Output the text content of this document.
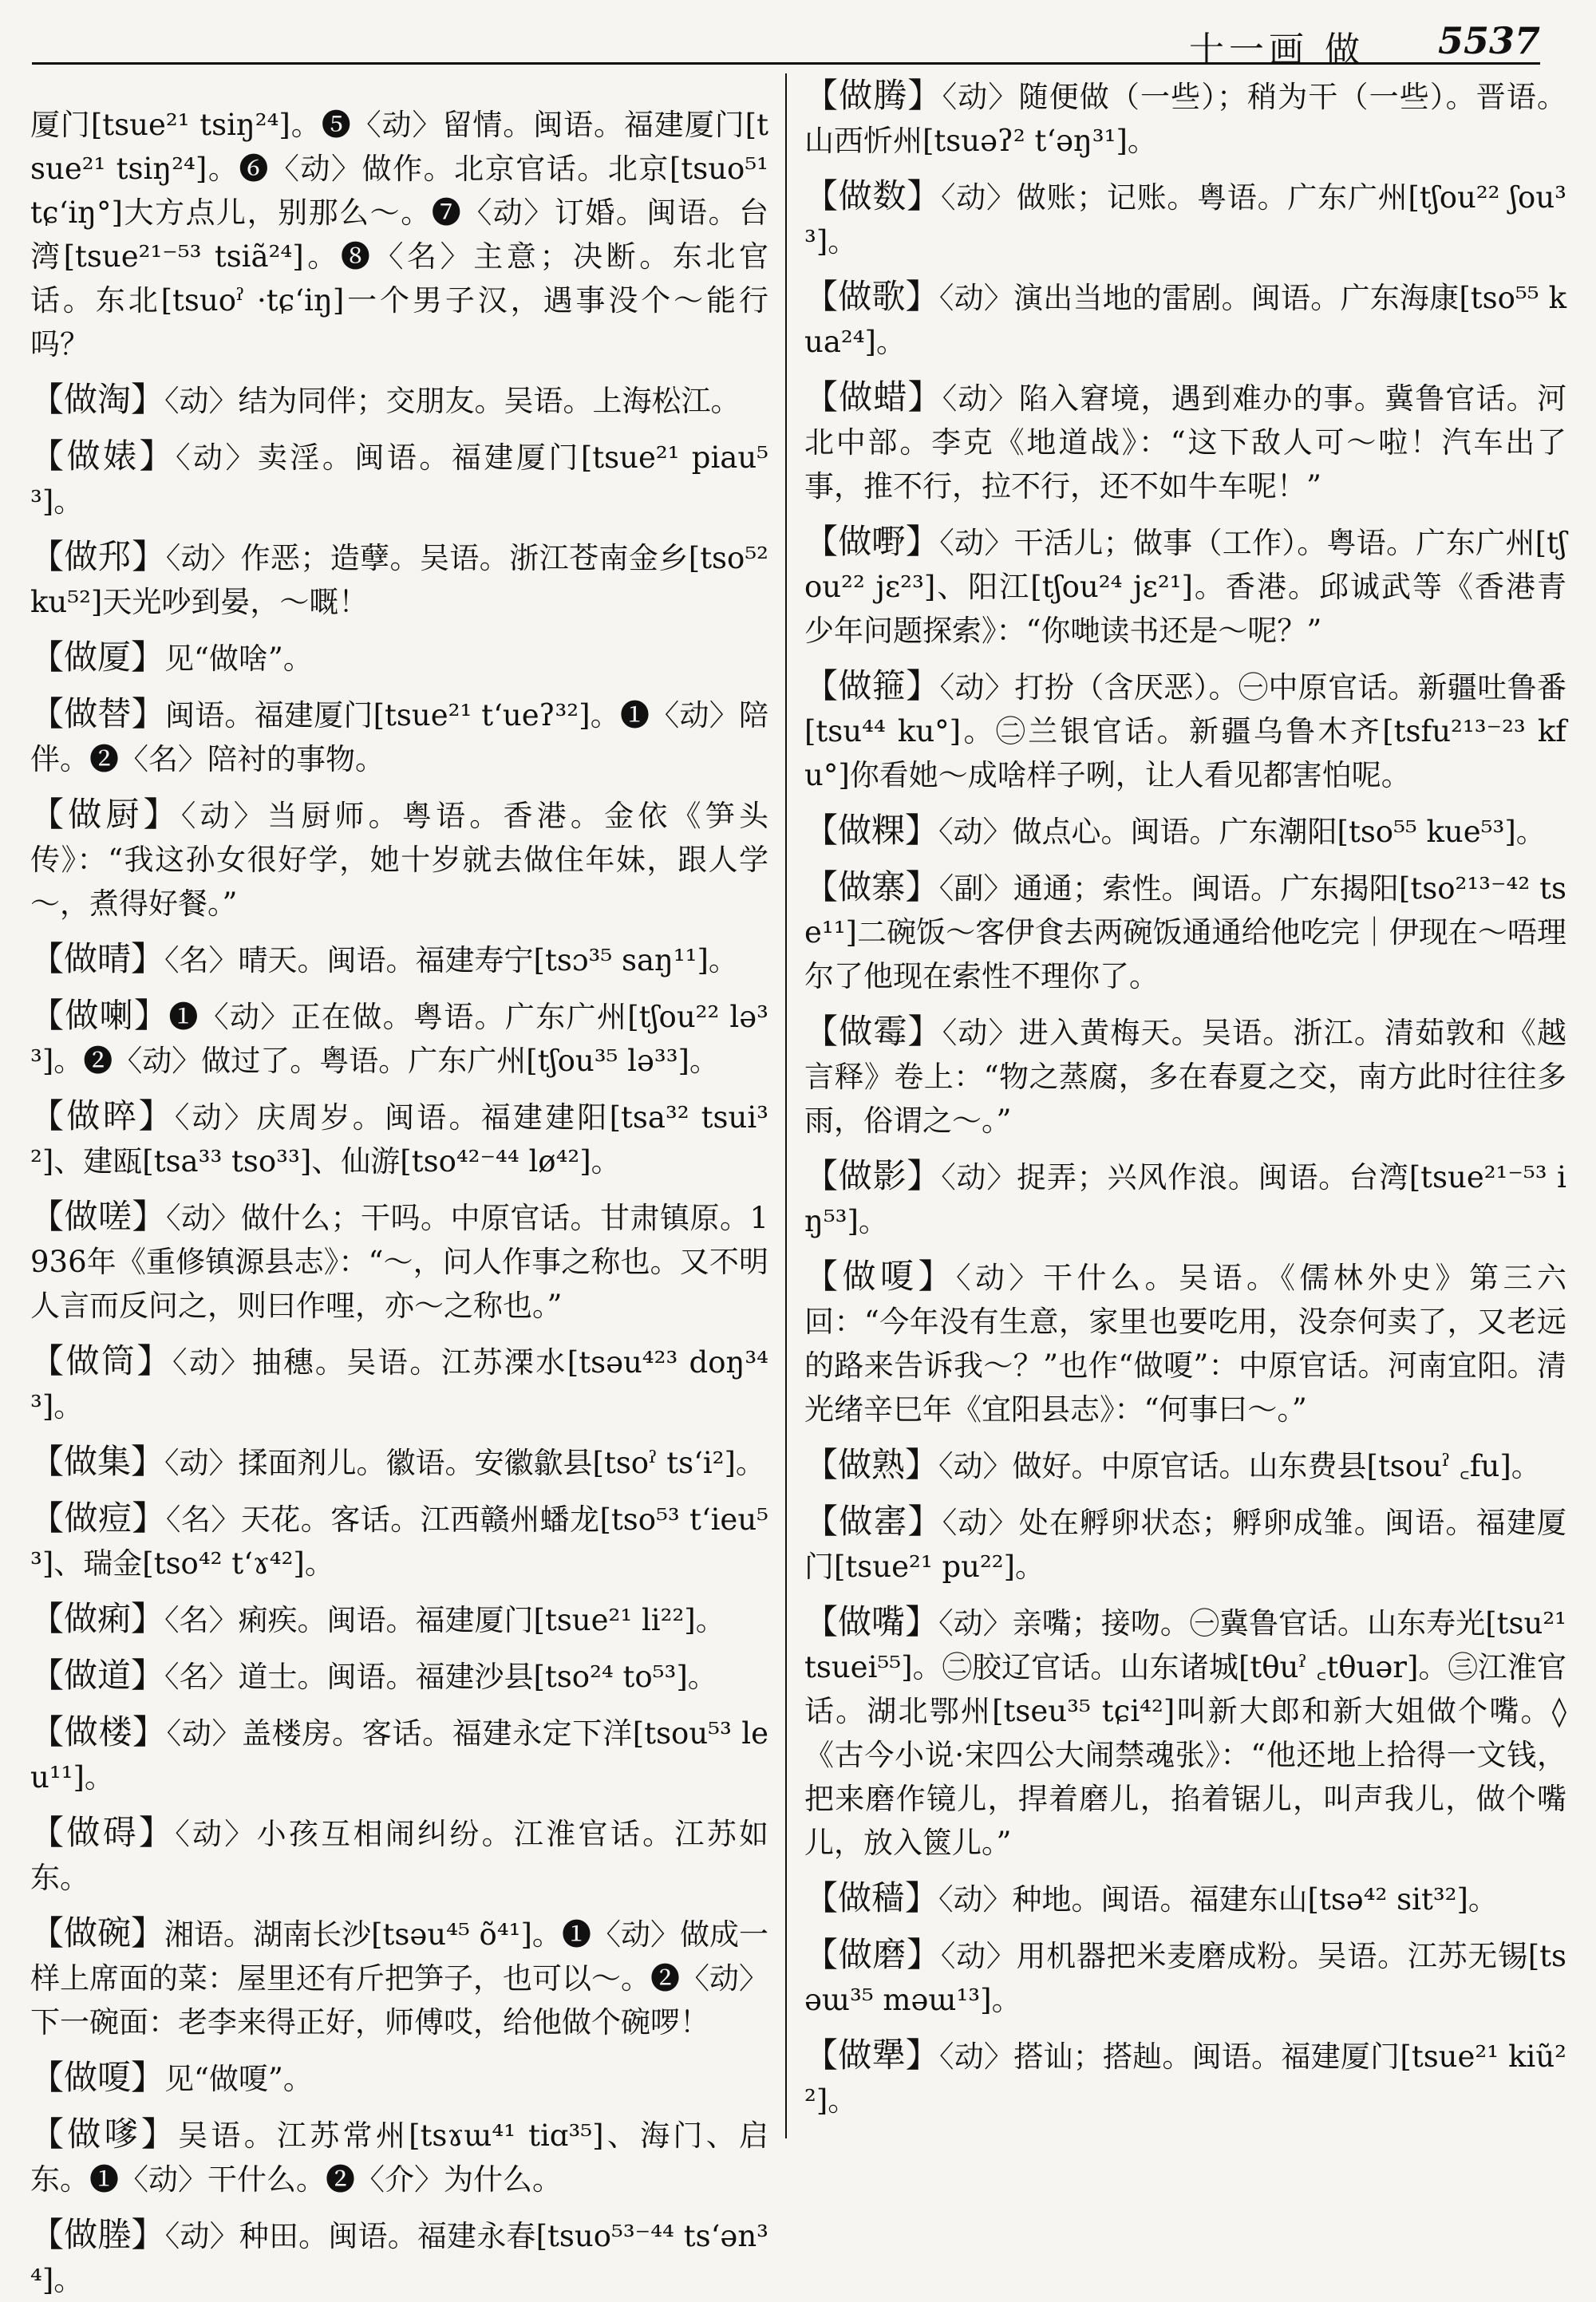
十一画 做 5537

厦门[tsue²¹ tsiŋ²⁴]。❺〈动〉留情。闽语。福建厦门[tsue²¹ tsiŋ²⁴]。❻〈动〉做作。北京官话。北京[tsuo⁵¹ tɕʻiŋ°]大方点儿，别那么～。❼〈动〉订婚。闽语。台湾[tsue²¹⁻⁵³ tsiã²⁴]。❽〈名〉主意；决断。东北官话。东北[tsuoˀ ·tɕʻiŋ]一个男子汉，遇事没个～能行吗？

【做淘】〈动〉结为同伴；交朋友。吴语。上海松江。

【做婊】〈动〉卖淫。闽语。福建厦门[tsue²¹ piau⁵³]。

【做䢴】〈动〉作恶；造孽。吴语。浙江苍南金乡[tso⁵² ku⁵²]天光吵到晏，～嘅！

【做厦】见“做啥”。

【做替】闽语。福建厦门[tsue²¹ tʻueʔ³²]。❶〈动〉陪伴。❷〈名〉陪衬的事物。

【做厨】〈动〉当厨师。粤语。香港。金依《笋头传》：“我这孙女很好学，她十岁就去做住年妹，跟人学～，煮得好餐。”

【做晴】〈名〉晴天。闽语。福建寿宁[tsɔ³⁵ saŋ¹¹]。

【做喇】❶〈动〉正在做。粤语。广东广州[tʃou²² lə³³]。❷〈动〉做过了。粤语。广东广州[tʃou³⁵ lə³³]。

【做晬】〈动〉庆周岁。闽语。福建建阳[tsa³² tsui³²]、建瓯[tsa³³ tso³³]、仙游[tso⁴²⁻⁴⁴ lø⁴²]。

【做嗟】〈动〉做什么；干吗。中原官话。甘肃镇原。1936年《重修镇源县志》：“～，问人作事之称也。又不明人言而反问之，则曰作哩，亦～之称也。”

【做筒】〈动〉抽穗。吴语。江苏溧水[tsəu⁴²³ doŋ³⁴³]。

【做集】〈动〉揉面剂儿。徽语。安徽歙县[tsoˀ tsʻi²]。

【做痘】〈名〉天花。客话。江西赣州蟠龙[tso⁵³ tʻieu⁵³]、瑞金[tso⁴² tʻɤ⁴²]。

【做痢】〈名〉痢疾。闽语。福建厦门[tsue²¹ li²²]。

【做道】〈名〉道士。闽语。福建沙县[tso²⁴ to⁵³]。

【做楼】〈动〉盖楼房。客话。福建永定下洋[tsou⁵³ leu¹¹]。

【做碍】〈动〉小孩互相闹纠纷。江淮官话。江苏如东。

【做碗】湘语。湖南长沙[tsəu⁴⁵ õ⁴¹]。❶〈动〉做成一样上席面的菜：屋里还有斤把笋子，也可以～。❷〈动〉下一碗面：老李来得正好，师傅哎，给他做个碗啰！

【做嗄】见“做嗄”。

【做嗲】吴语。江苏常州[tsɤɯ⁴¹ tiɑ³⁵]、海门、启东。❶〈动〉干什么。❷〈介〉为什么。

【做塍】〈动〉种田。闽语。福建永春[tsuo⁵³⁻⁴⁴ tsʻən³⁴]。

【做腾】〈动〉随便做（一些）；稍为干（一些）。晋语。山西忻州[tsuəʔ² tʻəŋ³¹]。

【做数】〈动〉做账；记账。粤语。广东广州[tʃou²² ʃou³³]。

【做歌】〈动〉演出当地的雷剧。闽语。广东海康[tso⁵⁵ kua²⁴]。

【做蜡】〈动〉陷入窘境，遇到难办的事。冀鲁官话。河北中部。李克《地道战》：“这下敌人可～啦！汽车出了事，推不行，拉不行，还不如牛车呢！”

【做嘢】〈动〉干活儿；做事（工作）。粤语。广东广州[tʃou²² jɛ²³]、阳江[tʃou²⁴ jɛ²¹]。香港。邱诚武等《香港青少年问题探索》：“你哋读书还是～呢？”

【做箍】〈动〉打扮（含厌恶）。㊀中原官话。新疆吐鲁番[tsu⁴⁴ ku°]。㊁兰银官话。新疆乌鲁木齐[tsfu²¹³⁻²³ kfu°]你看她～成啥样子咧，让人看见都害怕呢。

【做粿】〈动〉做点心。闽语。广东潮阳[tso⁵⁵ kue⁵³]。

【做寨】〈副〉通通；索性。闽语。广东揭阳[tso²¹³⁻⁴² tse¹¹]二碗饭～客伊食去两碗饭通通给他吃完｜伊现在～唔理尔了他现在索性不理你了。

【做霉】〈动〉进入黄梅天。吴语。浙江。清茹敦和《越言释》卷上：“物之蒸腐，多在春夏之交，南方此时往往多雨，俗谓之～。”

【做影】〈动〉捉弄；兴风作浪。闽语。台湾[tsue²¹⁻⁵³ iŋ⁵³]。

【做嗄】〈动〉干什么。吴语。《儒林外史》第三六回：“今年没有生意，家里也要吃用，没奈何卖了，又老远的路来告诉我～？”也作“做嗄”：中原官话。河南宜阳。清光绪辛巳年《宜阳县志》：“何事曰～。”

【做熟】〈动〉做好。中原官话。山东费县[tsouˀ ꜀fu]。

【做寚】〈动〉处在孵卵状态；孵卵成雏。闽语。福建厦门[tsue²¹ pu²²]。

【做嘴】〈动〉亲嘴；接吻。㊀冀鲁官话。山东寿光[tsu²¹ tsuei⁵⁵]。㊁胶辽官话。山东诸城[tθuˀ ꜀tθuər]。㊂江淮官话。湖北鄂州[tseu³⁵ tɕi⁴²]叫新大郎和新大姐做个嘴。◊《古今小说·宋四公大闹禁魂张》：“他还地上拾得一文钱，把来磨作镜儿，捍着磨儿，掐着锯儿，叫声我儿，做个嘴儿，放入篋儿。”

【做穑】〈动〉种地。闽语。福建东山[tsə⁴² sit³²]。

【做磨】〈动〉用机器把米麦磨成粉。吴语。江苏无锡[tsəɯ³⁵ məɯ¹³]。

【做犟】〈动〉搭讪；搭赸。闽语。福建厦门[tsue²¹ kiũ²²]。
